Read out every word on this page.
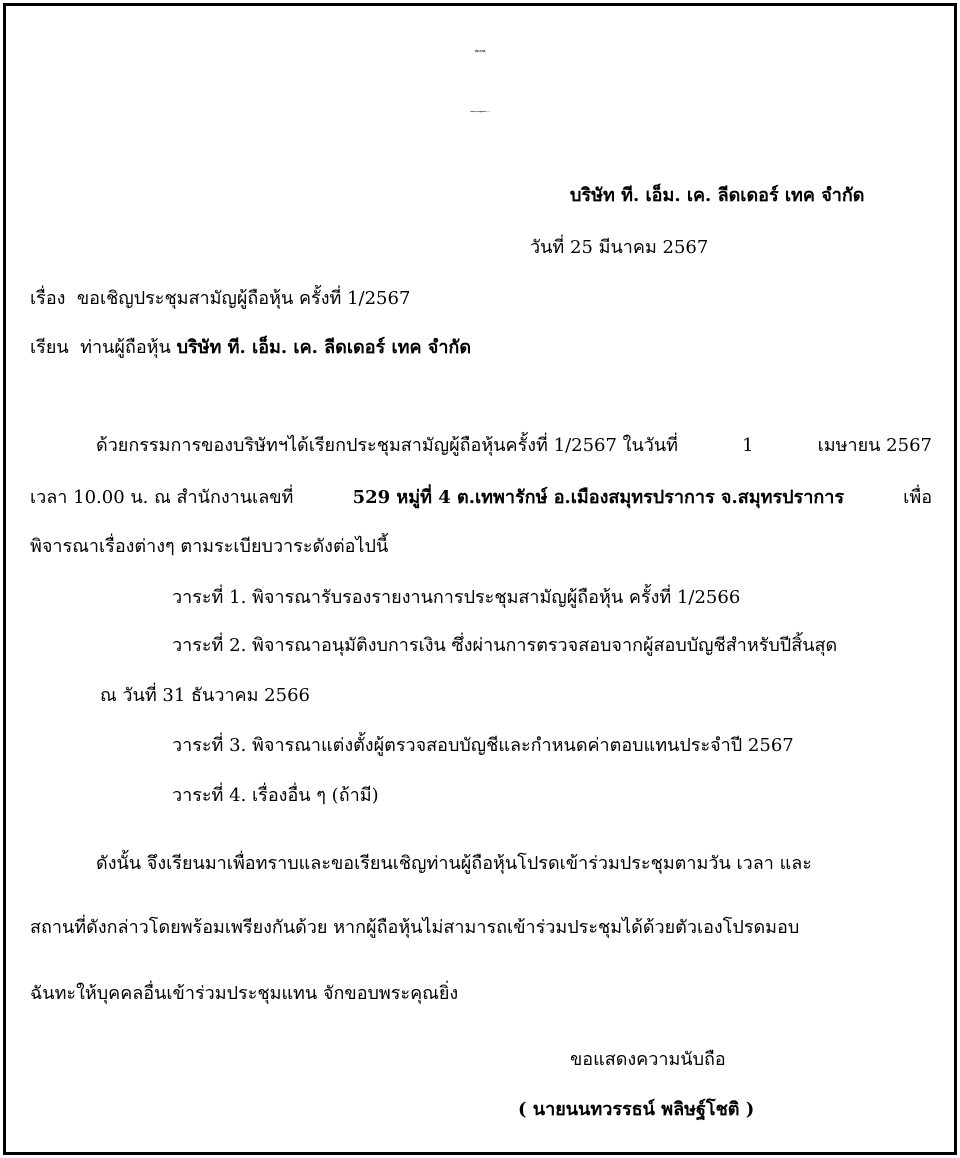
ประกาศ
หนังสือนัดประชุมสามัญผู้ถือหุ้นครั้งที่ 1/2567
บริษัท ที. เอ็ม. เค. ลีดเดอร์ เทค จำกัด
วันที่ 25 มีนาคม 2567
เรื่อง ขอเชิญประชุมสามัญผู้ถือหุ้น ครั้งที่ 1/2567
เรียน ท่านผู้ถือหุ้น บริษัท ที. เอ็ม. เค. ลีดเดอร์ เทค จำกัด
ด้วยกรรมการของบริษัทฯได้เรียกประชุมสามัญผู้ถือหุ้นครั้งที่ 1/2567 ในวันที่	1	เมษายน 2567
เวลา 10.00 น. ณ สำนักงานเลขที่	529 หมู่ที่ 4 ต.เทพารักษ์ อ.เมืองสมุทรปราการ จ.สมุทรปราการ	เพื่อ
พิจารณาเรื่องต่างๆ ตามระเบียบวาระดังต่อไปนี้
วาระที่ 1. พิจารณารับรองรายงานการประชุมสามัญผู้ถือหุ้น ครั้งที่ 1/2566
วาระที่ 2. พิจารณาอนุมัติงบการเงิน ซึ่งผ่านการตรวจสอบจากผู้สอบบัญชีสำหรับปีสิ้นสุด
ณ วันที่ 31 ธันวาคม 2566
วาระที่ 3. พิจารณาแต่งตั้งผู้ตรวจสอบบัญชีและกำหนดค่าตอบแทนประจำปี 2567
วาระที่ 4. เรื่องอื่น ๆ (ถ้ามี)
ดังนั้น จึงเรียนมาเพื่อทราบและขอเรียนเชิญท่านผู้ถือหุ้นโปรดเข้าร่วมประชุมตามวัน เวลา และ
สถานที่ดังกล่าวโดยพร้อมเพรียงกันด้วย หากผู้ถือหุ้นไม่สามารถเข้าร่วมประชุมได้ด้วยตัวเองโปรดมอบ
ฉันทะให้บุคคลอื่นเข้าร่วมประชุมแทน จักขอบพระคุณยิ่ง
ขอแสดงความนับถือ
( นายนนทวรรธน์ พลิษฐ์โชติ )
